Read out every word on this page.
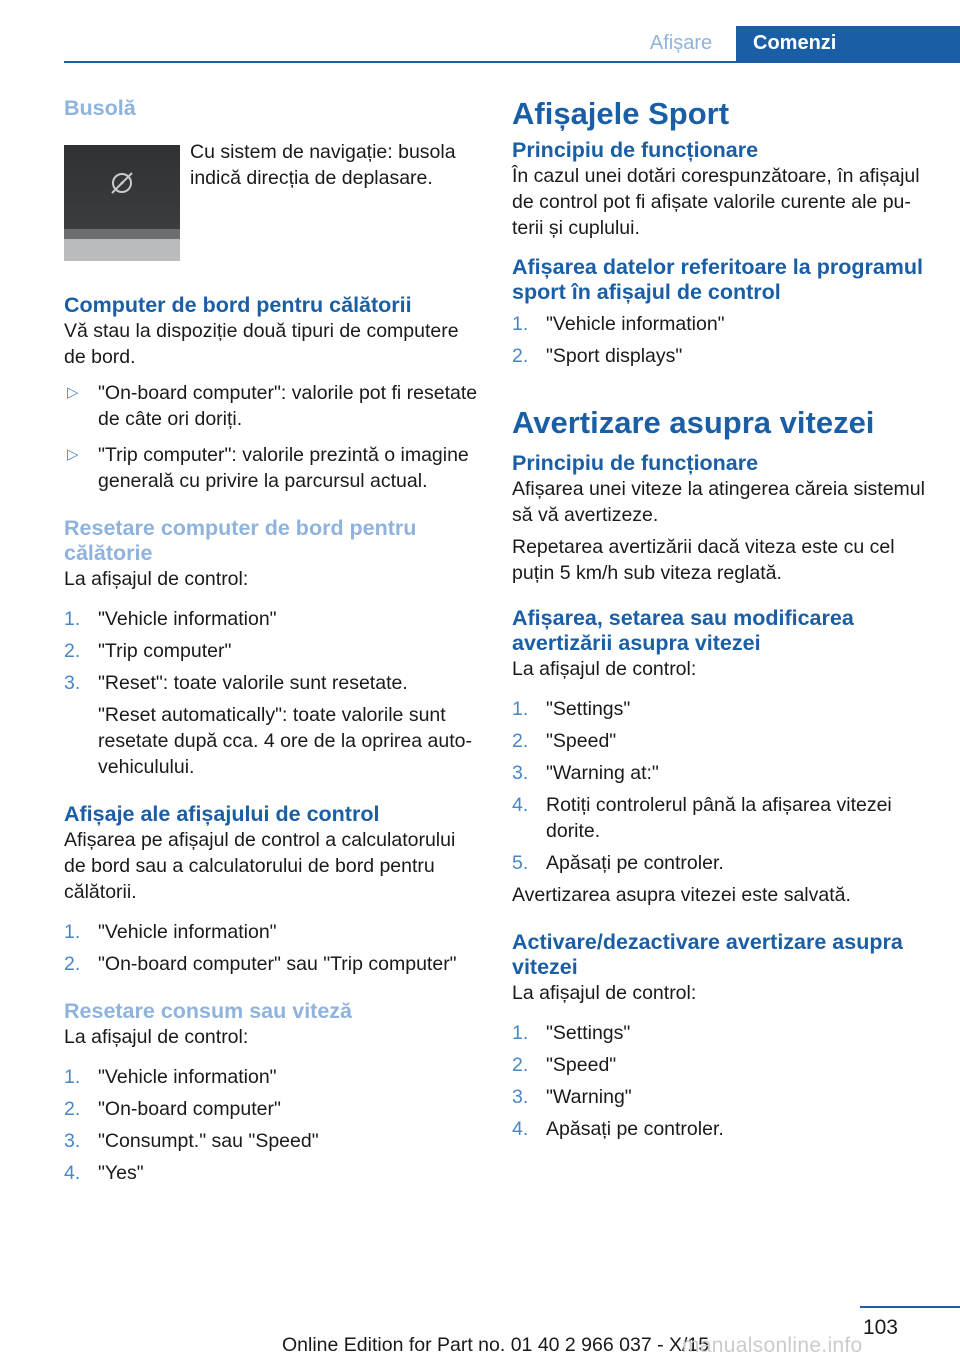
Afișare	Comenzi
Busolă

Cu sistem de navigație: busola indică direcția de deplasare.

Computer de bord pentru călătorii

Vă stau la dispoziție două tipuri de computere de bord.

▷ "On-board computer": valorile pot fi resetate de câte ori doriți.
▷ "Trip computer": valorile prezintă o imagine generală cu privire la parcursul actual.
Resetare computer de bord pentru călătorie

La afișajul de control:

1. "Vehicle information"
2. "Trip computer"
3. "Reset": toate valorile sunt resetate.
"Reset automatically": toate valorile sunt resetate după cca. 4 ore de la oprirea autovehiculului.
Afișaje ale afișajului de control

Afișarea pe afișajul de control a calculatorului de bord sau a calculatorului de bord pentru călătorii.

1. "Vehicle information"
2. "On-board computer" sau "Trip computer"
Resetare consum sau viteză

La afișajul de control:

1. "Vehicle information"
2. "On-board computer"
3. "Consumpt." sau "Speed"
4. "Yes"
Afișajele Sport
Principiu de funcționare

În cazul unei dotări corespunzătoare, în afișajul de control pot fi afișate valorile curente ale puterii și cuplului.

Afișarea datelor referitoare la programul sport în afișajul de control
1. "Vehicle information"
2. "Sport displays"
Avertizare asupra vitezei
Principiu de funcționare

Afișarea unei viteze la atingerea căreia sistemul să vă avertizeze.

Repetarea avertizării dacă viteza este cu cel puțin 5 km/h sub viteza reglată.

Afișarea, setarea sau modificarea avertizării asupra vitezei

La afișajul de control:

1. "Settings"
2. "Speed"
3. "Warning at:"
4. Rotiți controlerul până la afișarea vitezei dorite.
5. Apăsați pe controler.

Avertizarea asupra vitezei este salvată.

Activare/dezactivare avertizare asupra vitezei

La afișajul de control:

1. "Settings"
2. "Speed"
3. "Warning"
4. Apăsați pe controler.
103
Online Edition for Part no. 01 40 2 966 037 - X/15
manualsonline.info
